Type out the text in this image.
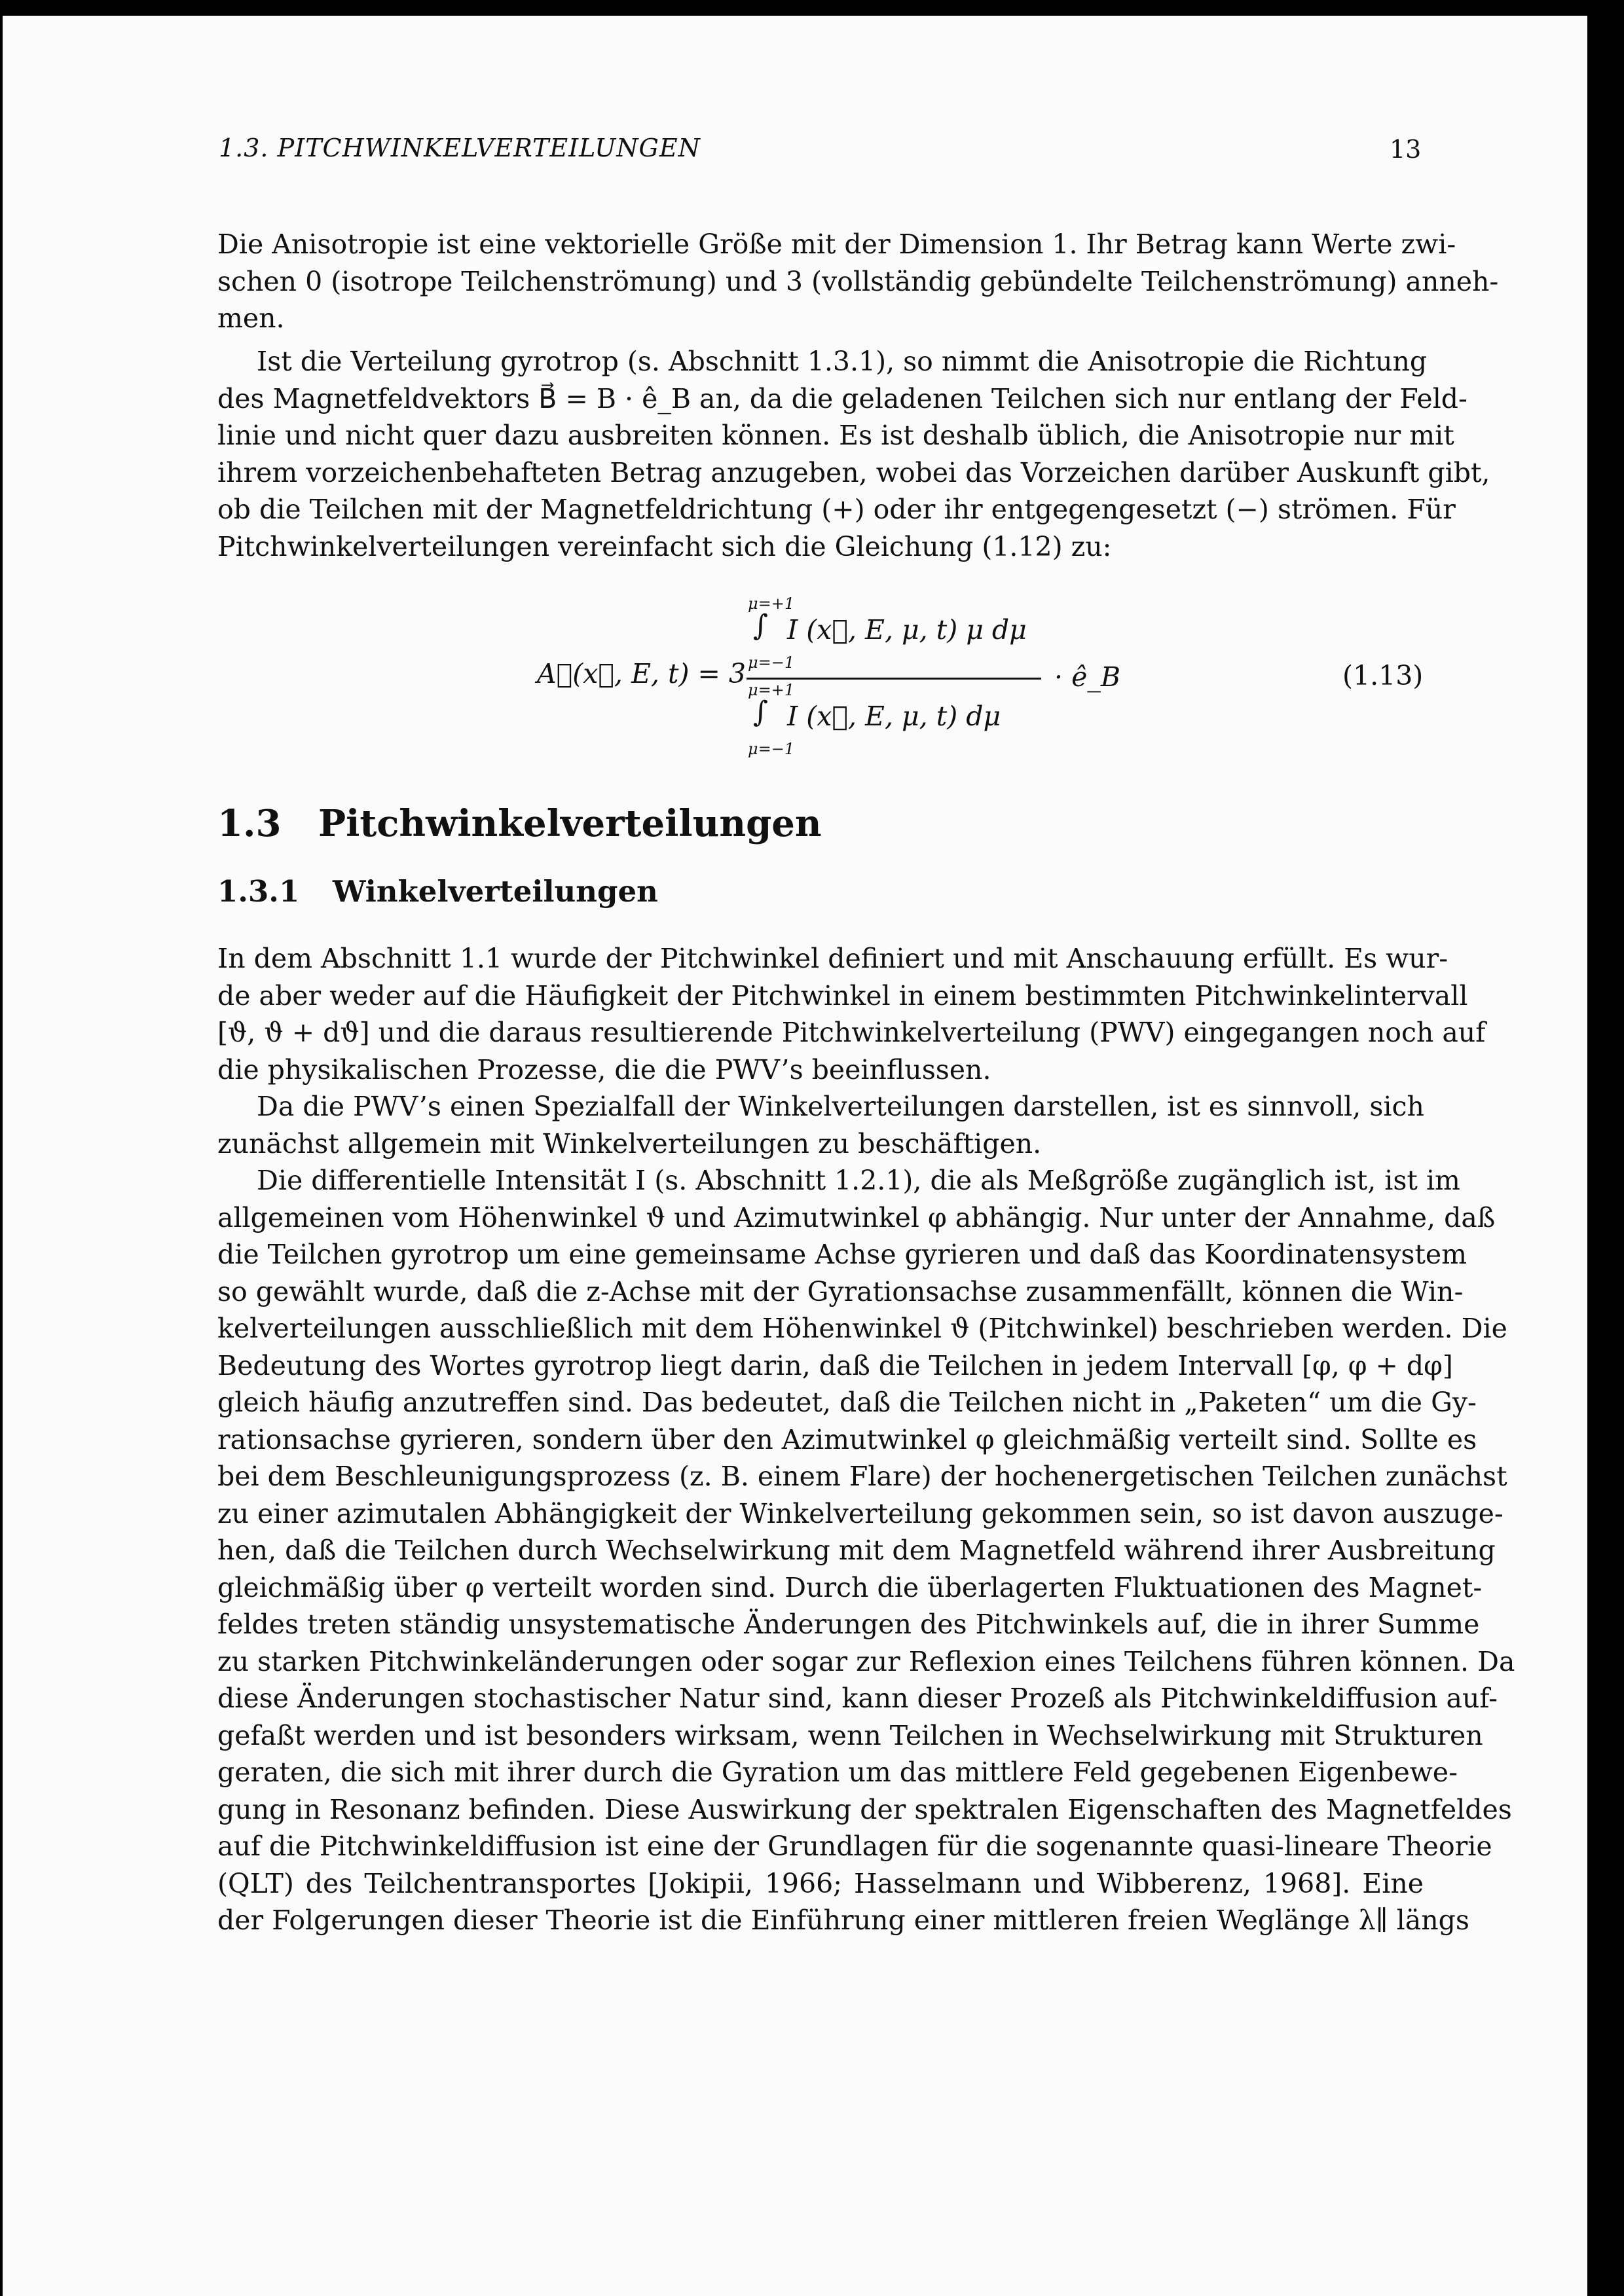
1.3. PITCHWINKELVERTEILUNGEN	13
Die Anisotropie ist eine vektorielle Größe mit der Dimension 1. Ihr Betrag kann Werte zwi-
schen 0 (isotrope Teilchenströmung) und 3 (vollständig gebündelte Teilchenströmung) anneh-
men.
Ist die Verteilung gyrotrop (s. Abschnitt 1.3.1), so nimmt die Anisotropie die Richtung
des Magnetfeldvektors B⃗ = B · ê_B an, da die geladenen Teilchen sich nur entlang der Feld-
linie und nicht quer dazu ausbreiten können. Es ist deshalb üblich, die Anisotropie nur mit
ihrem vorzeichenbehafteten Betrag anzugeben, wobei das Vorzeichen darüber Auskunft gibt,
ob die Teilchen mit der Magnetfeldrichtung (+) oder ihr entgegengesetzt (−) strömen. Für
Pitchwinkelverteilungen vereinfacht sich die Gleichung (1.12) zu:
A⃗(x⃗, E, t) = 3
μ=+1
∫
μ=−1
I (x⃗, E, μ, t) μ dμ
μ=+1
∫
μ=−1
I (x⃗, E, μ, t) dμ
· ê_B	(1.13)
1.3 Pitchwinkelverteilungen
1.3.1 Winkelverteilungen
In dem Abschnitt 1.1 wurde der Pitchwinkel definiert und mit Anschauung erfüllt. Es wur-
de aber weder auf die Häufigkeit der Pitchwinkel in einem bestimmten Pitchwinkelintervall
[ϑ, ϑ + dϑ] und die daraus resultierende Pitchwinkelverteilung (PWV) eingegangen noch auf
die physikalischen Prozesse, die die PWV’s beeinflussen.
Da die PWV’s einen Spezialfall der Winkelverteilungen darstellen, ist es sinnvoll, sich
zunächst allgemein mit Winkelverteilungen zu beschäftigen.
Die differentielle Intensität I (s. Abschnitt 1.2.1), die als Meßgröße zugänglich ist, ist im
allgemeinen vom Höhenwinkel ϑ und Azimutwinkel φ abhängig. Nur unter der Annahme, daß
die Teilchen gyrotrop um eine gemeinsame Achse gyrieren und daß das Koordinatensystem
so gewählt wurde, daß die z-Achse mit der Gyrationsachse zusammenfällt, können die Win-
kelverteilungen ausschließlich mit dem Höhenwinkel ϑ (Pitchwinkel) beschrieben werden. Die
Bedeutung des Wortes gyrotrop liegt darin, daß die Teilchen in jedem Intervall [φ, φ + dφ]
gleich häufig anzutreffen sind. Das bedeutet, daß die Teilchen nicht in „Paketen“ um die Gy-
rationsachse gyrieren, sondern über den Azimutwinkel φ gleichmäßig verteilt sind. Sollte es
bei dem Beschleunigungsprozess (z. B. einem Flare) der hochenergetischen Teilchen zunächst
zu einer azimutalen Abhängigkeit der Winkelverteilung gekommen sein, so ist davon auszuge-
hen, daß die Teilchen durch Wechselwirkung mit dem Magnetfeld während ihrer Ausbreitung
gleichmäßig über φ verteilt worden sind. Durch die überlagerten Fluktuationen des Magnet-
feldes treten ständig unsystematische Änderungen des Pitchwinkels auf, die in ihrer Summe
zu starken Pitchwinkeländerungen oder sogar zur Reflexion eines Teilchens führen können. Da
diese Änderungen stochastischer Natur sind, kann dieser Prozeß als Pitchwinkeldiffusion auf-
gefaßt werden und ist besonders wirksam, wenn Teilchen in Wechselwirkung mit Strukturen
geraten, die sich mit ihrer durch die Gyration um das mittlere Feld gegebenen Eigenbewe-
gung in Resonanz befinden. Diese Auswirkung der spektralen Eigenschaften des Magnetfeldes
auf die Pitchwinkeldiffusion ist eine der Grundlagen für die sogenannte quasi-lineare Theorie
(QLT) des Teilchentransportes [Jokipii, 1966; Hasselmann und Wibberenz, 1968]. Eine
der Folgerungen dieser Theorie ist die Einführung einer mittleren freien Weglänge λ∥ längs
